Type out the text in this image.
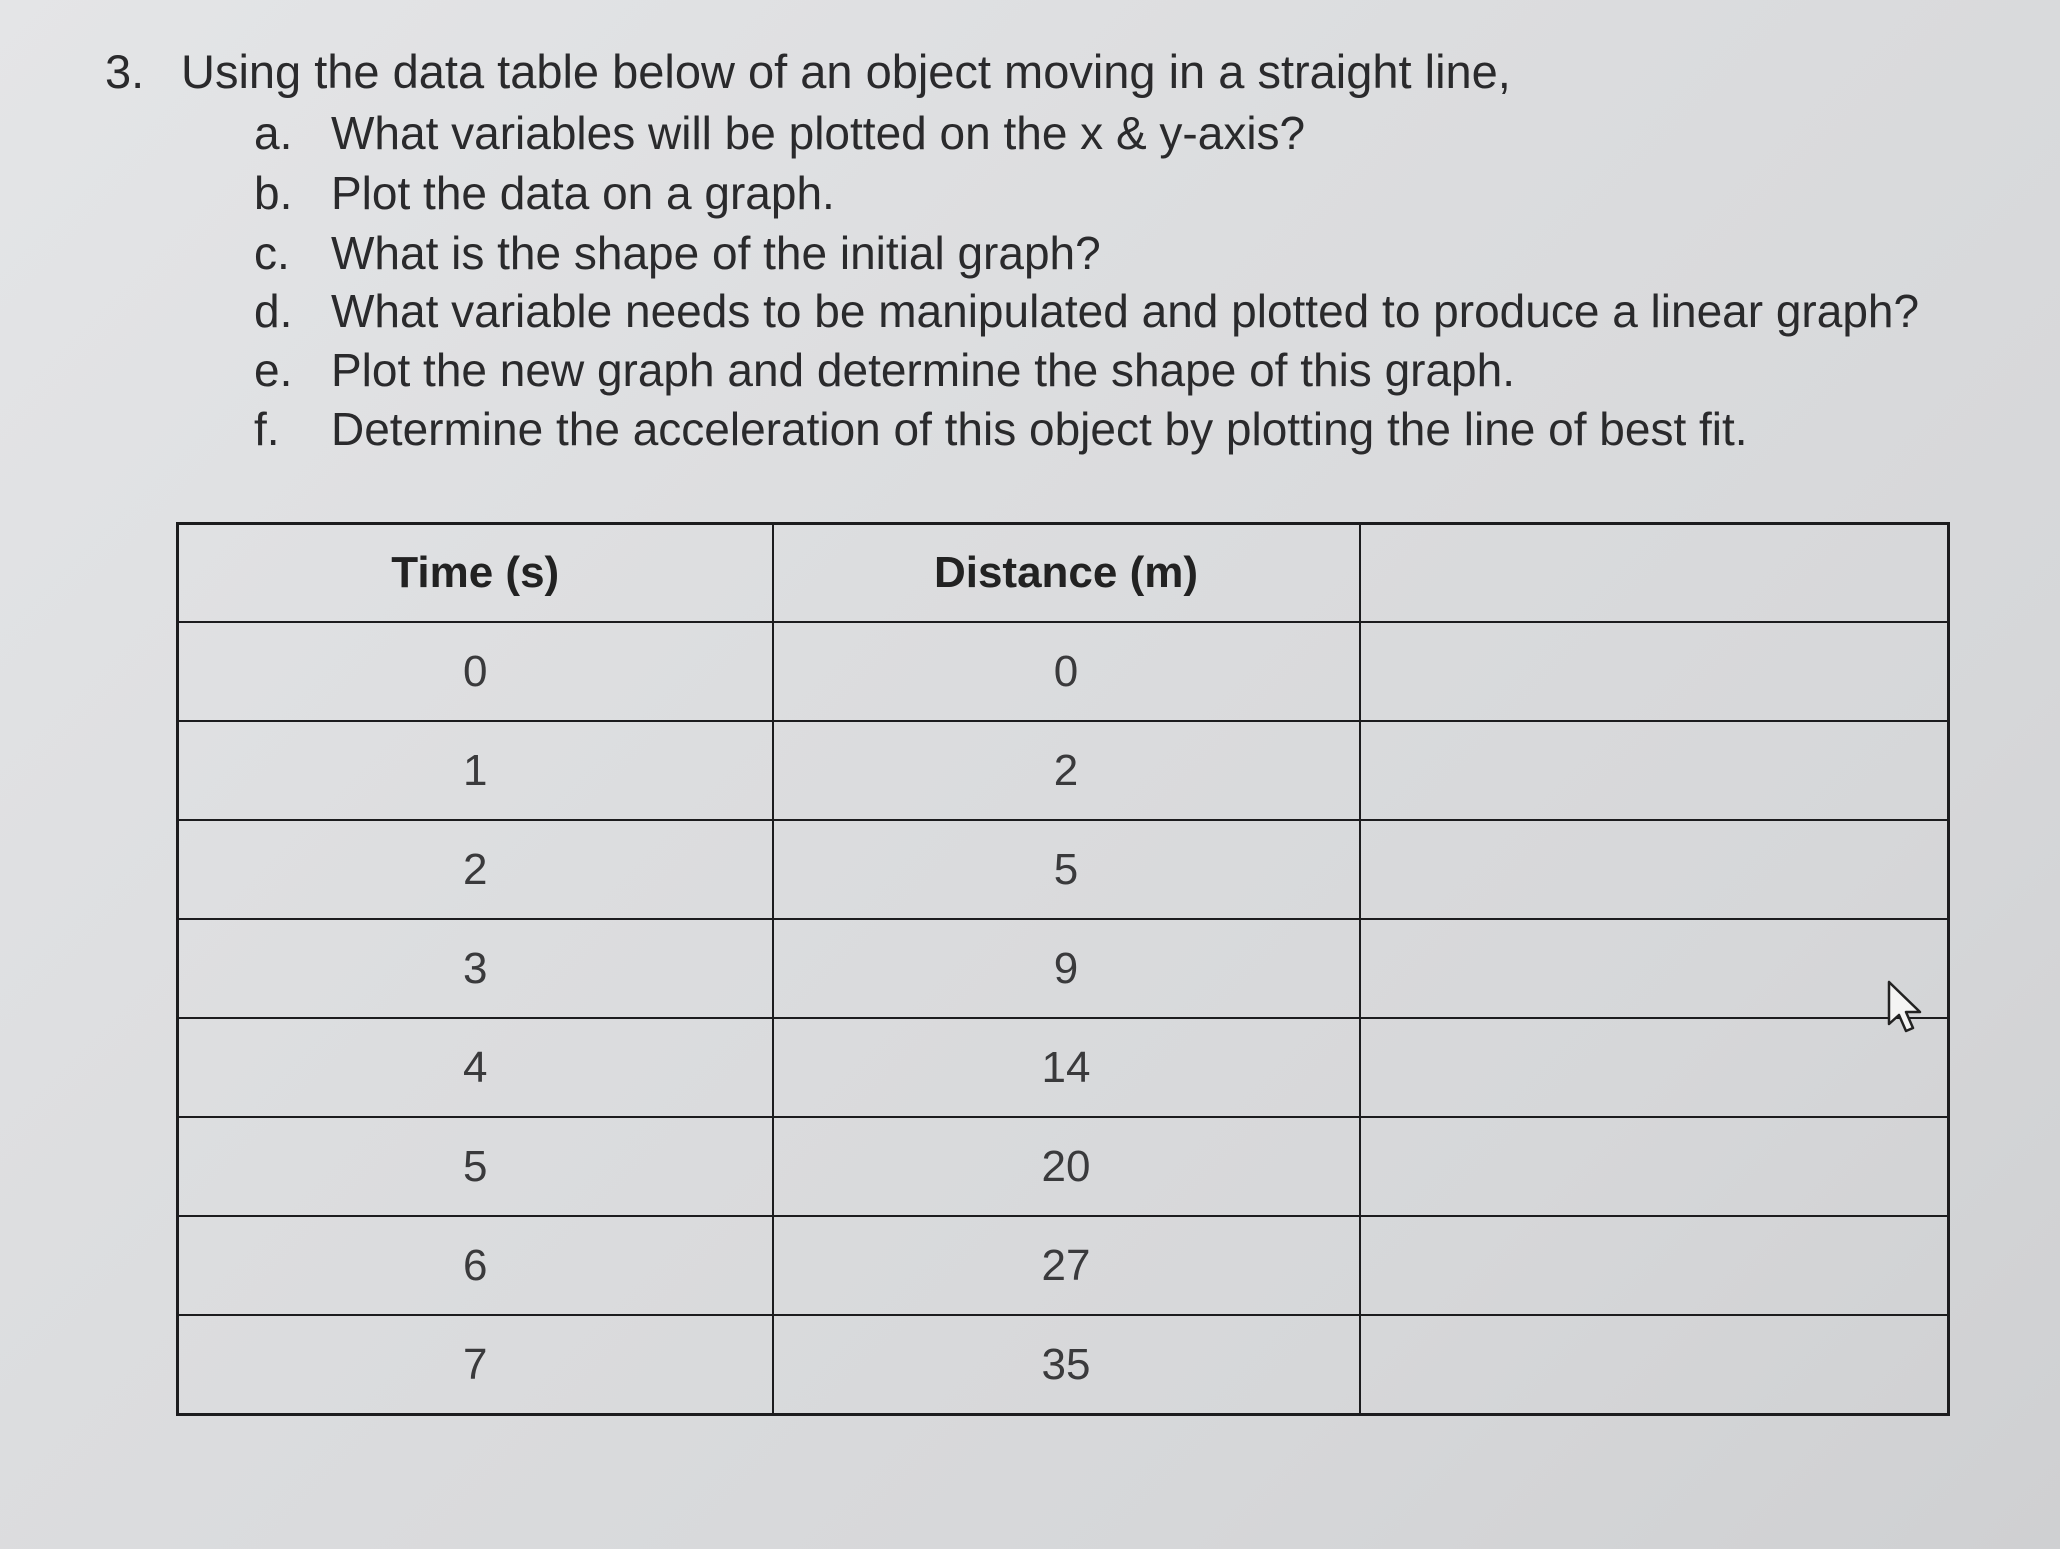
3. Using the data table below of an object moving in a straight line,
a. What variables will be plotted on the x & y-axis?
b. Plot the data on a graph.
c. What is the shape of the initial graph?
d. What variable needs to be manipulated and plotted to produce a linear graph?
e. Plot the new graph and determine the shape of this graph.
f. Determine the acceleration of this object by plotting the line of best fit.
Time (s)	Distance (m)	
0	0	
1	2	
2	5	
3	9	
4	14	
5	20	
6	27	
7	35	
